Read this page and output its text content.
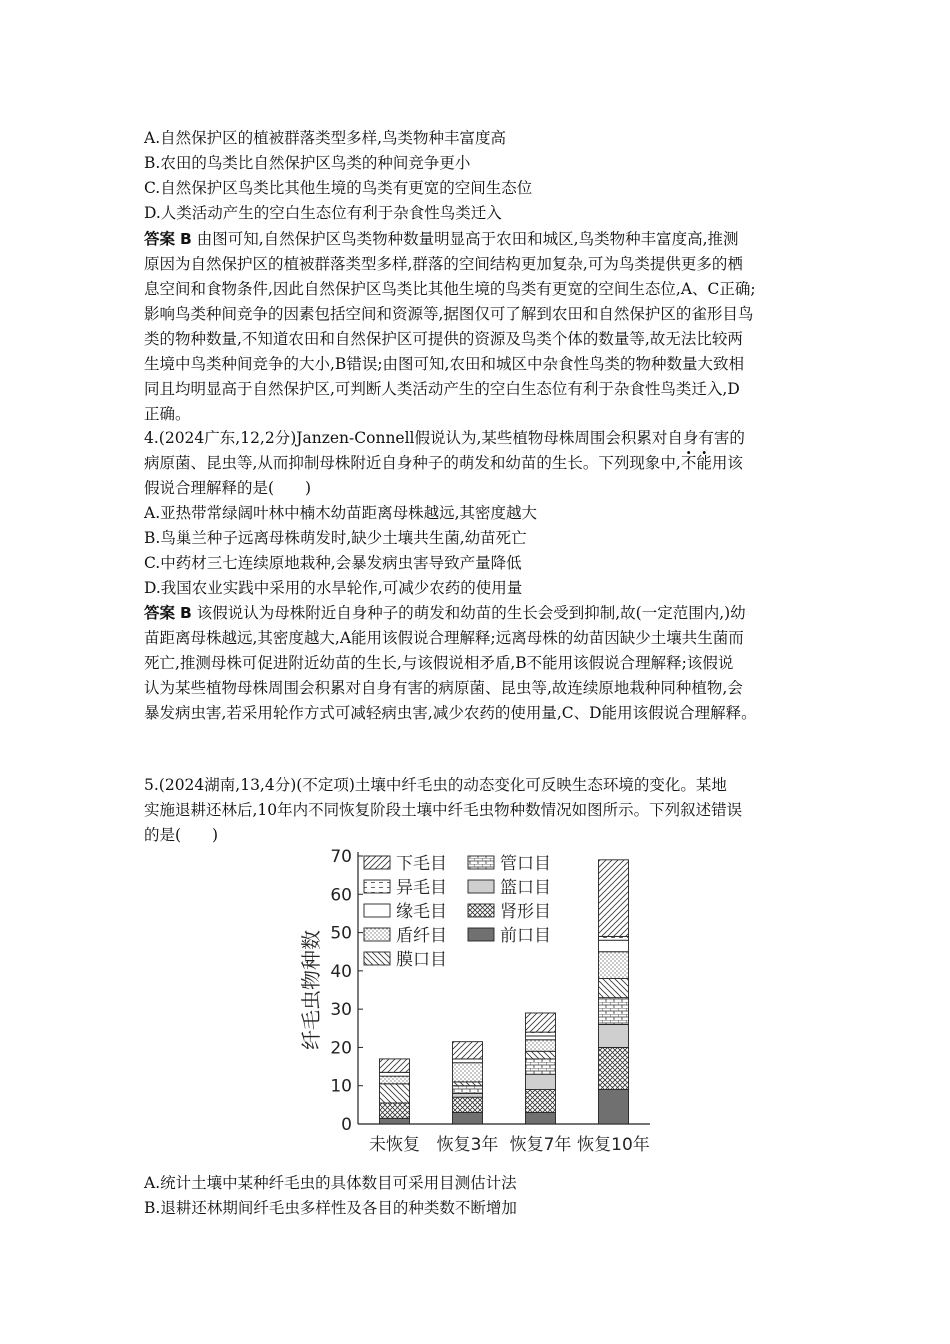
A.自然保护区的植被群落类型多样,鸟类物种丰富度高
B.农田的鸟类比自然保护区鸟类的种间竞争更小
C.自然保护区鸟类比其他生境的鸟类有更宽的空间生态位
D.人类活动产生的空白生态位有利于杂食性鸟类迁入
答案 B 由图可知,自然保护区鸟类物种数量明显高于农田和城区,鸟类物种丰富度高,推测
原因为自然保护区的植被群落类型多样,群落的空间结构更加复杂,可为鸟类提供更多的栖
息空间和食物条件,因此自然保护区鸟类比其他生境的鸟类有更宽的空间生态位,A、C正确;
影响鸟类种间竞争的因素包括空间和资源等,据图仅可了解到农田和自然保护区的雀形目鸟
类的物种数量,不知道农田和自然保护区可提供的资源及鸟类个体的数量等,故无法比较两
生境中鸟类种间竞争的大小,B错误;由图可知,农田和城区中杂食性鸟类的物种数量大致相
同且均明显高于自然保护区,可判断人类活动产生的空白生态位有利于杂食性鸟类迁入,D
正确。
4.(2024广东,12,2分)Janzen-Connell假说认为,某些植物母株周围会积累对自身有害的
病原菌、昆虫等,从而抑制母株附近自身种子的萌发和幼苗的生长。下列现象中,不能用该
假说合理解释的是(　　)
A.亚热带常绿阔叶林中楠木幼苗距离母株越远,其密度越大
B.鸟巢兰种子远离母株萌发时,缺少土壤共生菌,幼苗死亡
C.中药材三七连续原地栽种,会暴发病虫害导致产量降低
D.我国农业实践中采用的水旱轮作,可减少农药的使用量
答案 B 该假说认为母株附近自身种子的萌发和幼苗的生长会受到抑制,故(一定范围内,)幼
苗距离母株越远,其密度越大,A能用该假说合理解释;远离母株的幼苗因缺少土壤共生菌而
死亡,推测母株可促进附近幼苗的生长,与该假说相矛盾,B不能用该假说合理解释;该假说
认为某些植物母株周围会积累对自身有害的病原菌、昆虫等,故连续原地栽种同种植物,会
暴发病虫害,若采用轮作方式可减轻病虫害,减少农药的使用量,C、D能用该假说合理解释。
5.(2024湖南,13,4分)(不定项)土壤中纤毛虫的动态变化可反映生态环境的变化。某地
实施退耕还林后,10年内不同恢复阶段土壤中纤毛虫物种数情况如图所示。下列叙述错误
的是(　　)
0
10
20
30
40
50
60
70
纤毛虫物种数
未恢复 恢复3年 恢复7年 恢复10年
下毛目	管口目
异毛目	篮口目
缘毛目	肾形目
盾纤目	前口目
膜口目
A.统计土壤中某种纤毛虫的具体数目可采用目测估计法
B.退耕还林期间纤毛虫多样性及各目的种类数不断增加
